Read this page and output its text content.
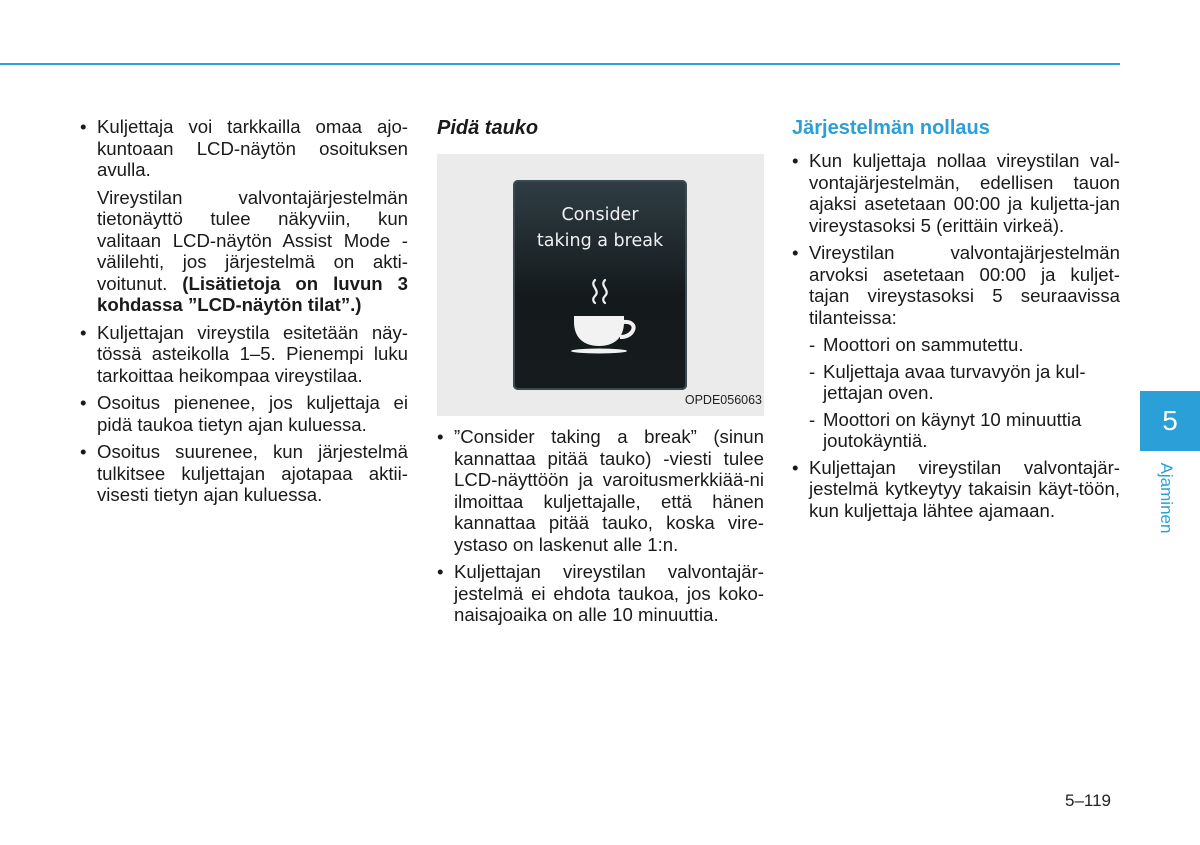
• Kuljettaja voi tarkkailla omaa ajo-kuntoaan LCD-näytön osoituksen avulla.
Vireystilan valvontajärjestelmän tietonäyttö tulee näkyviin, kun valitaan LCD-näytön Assist Mode -välilehti, jos järjestelmä on akti-voitunut. (Lisätietoja on luvun 3 kohdassa ”LCD-näytön tilat”.)
• Kuljettajan vireystila esitetään näy-tössä asteikolla 1–5. Pienempi luku tarkoittaa heikompaa vireystilaa.
• Osoitus pienenee, jos kuljettaja ei pidä taukoa tietyn ajan kuluessa.
• Osoitus suurenee, kun järjestelmä tulkitsee kuljettajan ajotapaa aktii-visesti tietyn ajan kuluessa.
Pidä tauko
Consider
taking a break
OPDE056063
• ”Consider taking a break” (sinun kannattaa pitää tauko) -viesti tulee LCD-näyttöön ja varoitusmerkkiää-ni ilmoittaa kuljettajalle, että hänen kannattaa pitää tauko, koska vire-ystaso on laskenut alle 1:n.
• Kuljettajan vireystilan valvontajär-jestelmä ei ehdota taukoa, jos koko-naisajoaika on alle 10 minuuttia.
Järjestelmän nollaus
• Kun kuljettaja nollaa vireystilan val-vontajärjestelmän, edellisen tauon ajaksi asetetaan 00:00 ja kuljetta-jan vireystasoksi 5 (erittäin virkeä).
• Vireystilan valvontajärjestelmän arvoksi asetetaan 00:00 ja kuljet-tajan vireystasoksi 5 seuraavissa tilanteissa:
- Moottori on sammutettu.
- Kuljettaja avaa turvavyön ja kul-jettajan oven.
- Moottori on käynyt 10 minuuttia joutokäyntiä.
• Kuljettajan vireystilan valvontajär-jestelmä kytkeytyy takaisin käyt-töön, kun kuljettaja lähtee ajamaan.
5
Ajaminen
5–119
